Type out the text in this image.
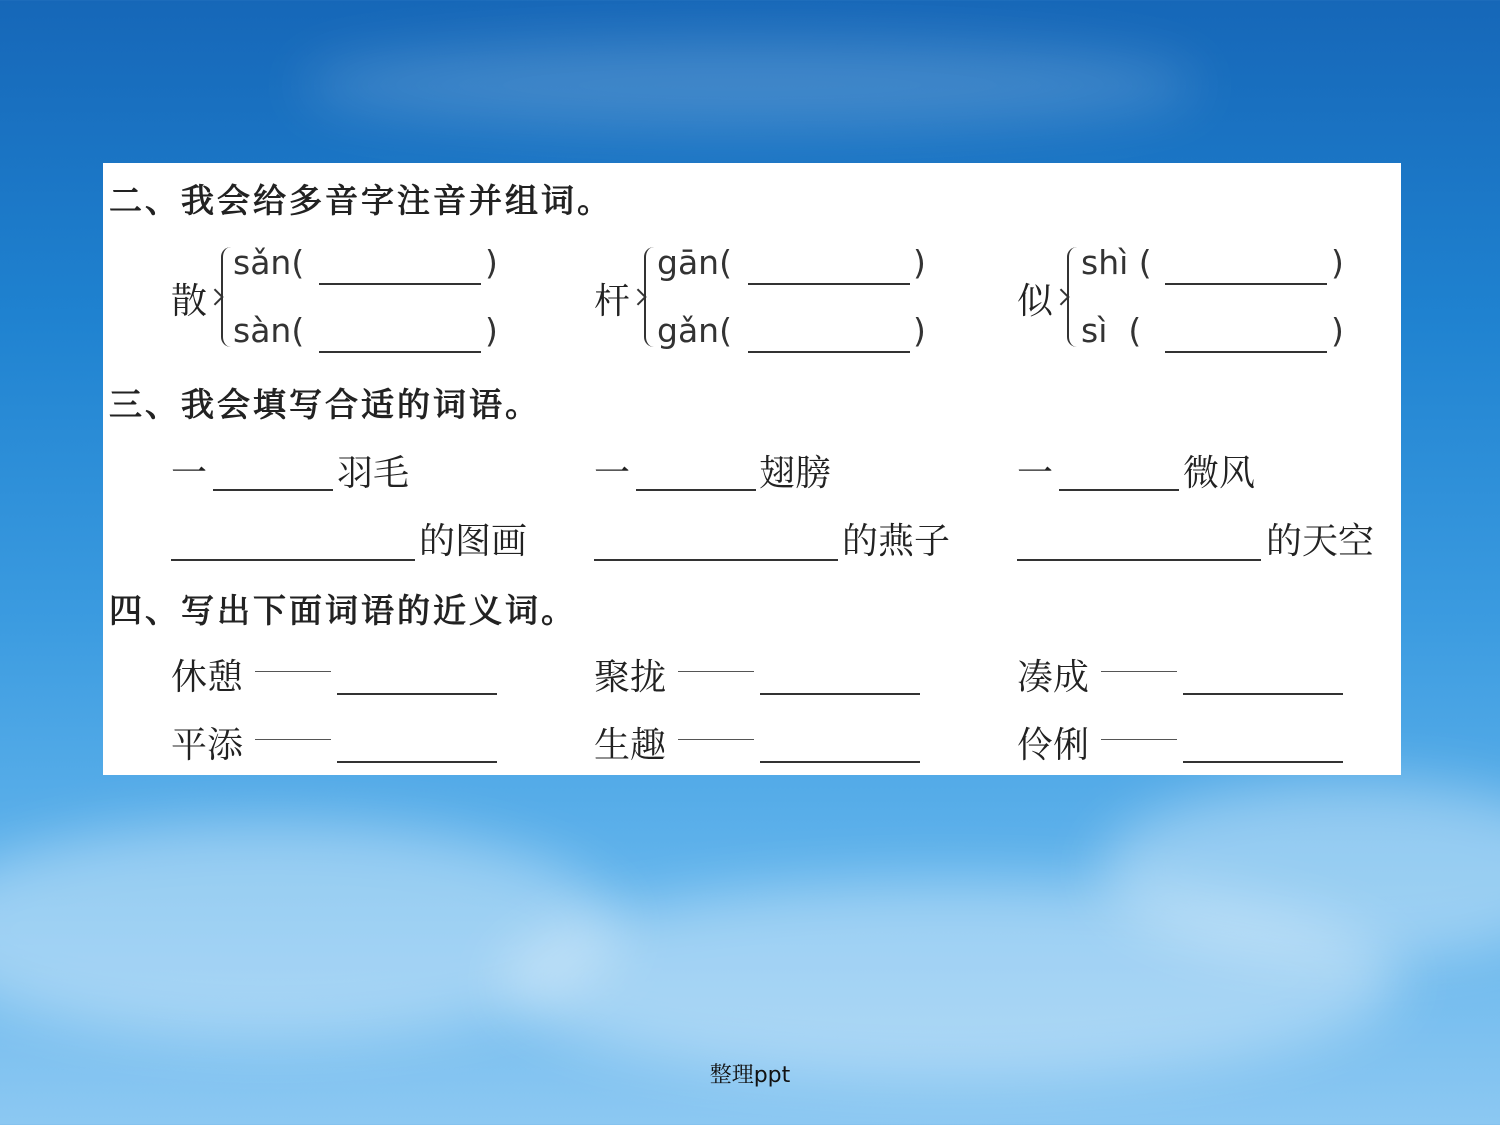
二、我会给多音字注音并组词。
散
sǎn(	)
sàn(	)
杆
gān(	)
gǎn(	)
似
shì (	)
sì  (	)
三、我会填写合适的词语。
一	羽毛	一	翅膀	一	微风
的图画	的燕子	的天空
四、写出下面词语的近义词。
休憩	聚拢	凑成
平添	生趣	伶俐
整理ppt
